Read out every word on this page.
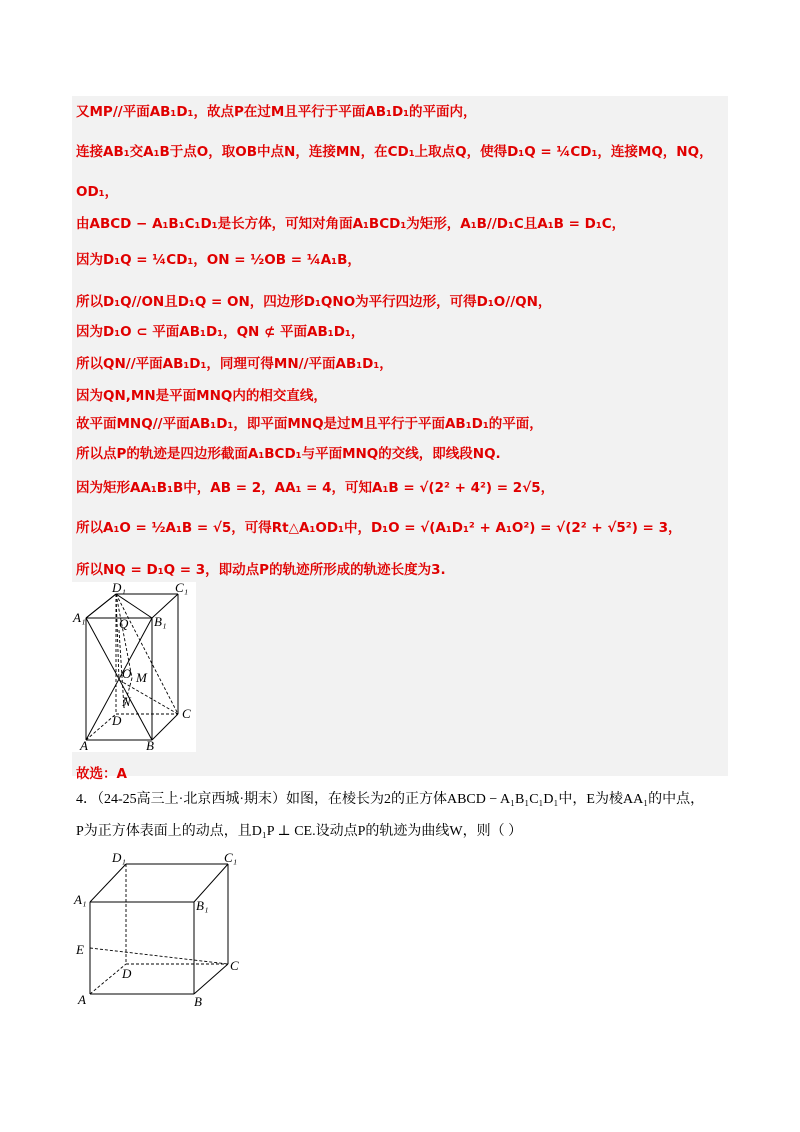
又MP//平面AB₁D₁，故点P在过M且平行于平面AB₁D₁的平面内，
连接AB₁交A₁B于点O，取OB中点N，连接MN，在CD₁上取点Q，使得D₁Q = ¼CD₁，连接MQ，NQ，
OD₁，
由ABCD − A₁B₁C₁D₁是长方体，可知对角面A₁BCD₁为矩形，A₁B//D₁C且A₁B = D₁C，
因为D₁Q = ¼CD₁，ON = ½OB = ¼A₁B，
所以D₁Q//ON且D₁Q = ON，四边形D₁QNO为平行四边形，可得D₁O//QN，
因为D₁O ⊂ 平面AB₁D₁，QN ⊄ 平面AB₁D₁，
所以QN//平面AB₁D₁，同理可得MN//平面AB₁D₁，
因为QN,MN是平面MNQ内的相交直线，
故平面MNQ//平面AB₁D₁，即平面MNQ是过M且平行于平面AB₁D₁的平面，
所以点P的轨迹是四边形截面A₁BCD₁与平面MNQ的交线，即线段NQ.
因为矩形AA₁B₁B中，AB = 2，AA₁ = 4，可知A₁B = √(2² + 4²) = 2√5，
所以A₁O = ½A₁B = √5，可得Rt△A₁OD₁中，D₁O = √(A₁D₁² + A₁O²) = √(2² + √5²) = 3，
所以NQ = D₁Q = 3，即动点P的轨迹所形成的轨迹长度为3.
D₁	C₁
A₁	B₁
Q
O M
N
D	C
A	B
故选：A
4．（24-25高三上·北京西城·期末）如图，在棱长为2的正方体ABCD − A₁B₁C₁D₁中，E为棱AA₁的中点，
P为正方体表面上的动点，且D₁P ⊥ CE.设动点P的轨迹为曲线W，则（ ）
D₁	C₁
A₁	B₁
E
C
D
A	B
